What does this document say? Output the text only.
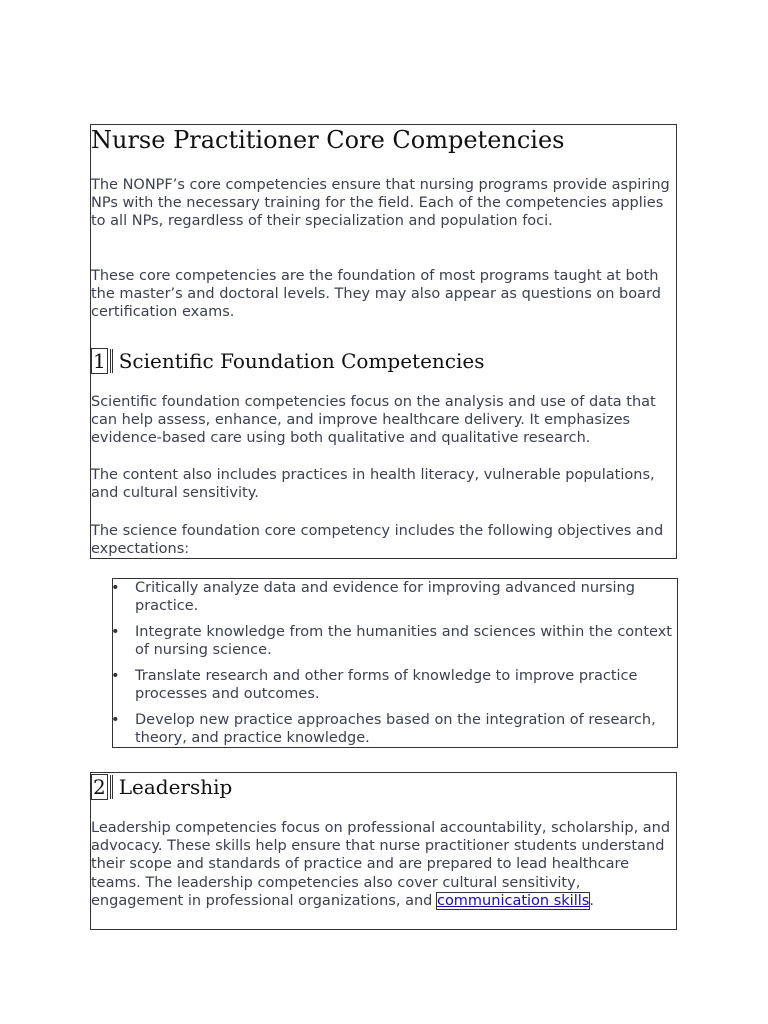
Nurse Practitioner Core Competencies

The NONPF’s core competencies ensure that nursing programs provide aspiring NPs with the necessary training for the field. Each of the competencies applies to all NPs, regardless of their specialization and population foci.

These core competencies are the foundation of most programs taught at both the master’s and doctoral levels. They may also appear as questions on board certification exams.

1 Scientific Foundation Competencies

Scientific foundation competencies focus on the analysis and use of data that can help assess, enhance, and improve healthcare delivery. It emphasizes evidence-based care using both qualitative and qualitative research.

The content also includes practices in health literacy, vulnerable populations, and cultural sensitivity.

The science foundation core competency includes the following objectives and expectations:

• Critically analyze data and evidence for improving advanced nursing practice.
• Integrate knowledge from the humanities and sciences within the context of nursing science.
• Translate research and other forms of knowledge to improve practice processes and outcomes.
• Develop new practice approaches based on the integration of research, theory, and practice knowledge.
2 Leadership

Leadership competencies focus on professional accountability, scholarship, and advocacy. These skills help ensure that nurse practitioner students understand their scope and standards of practice and are prepared to lead healthcare teams. The leadership competencies also cover cultural sensitivity, engagement in professional organizations, and communication skills.
